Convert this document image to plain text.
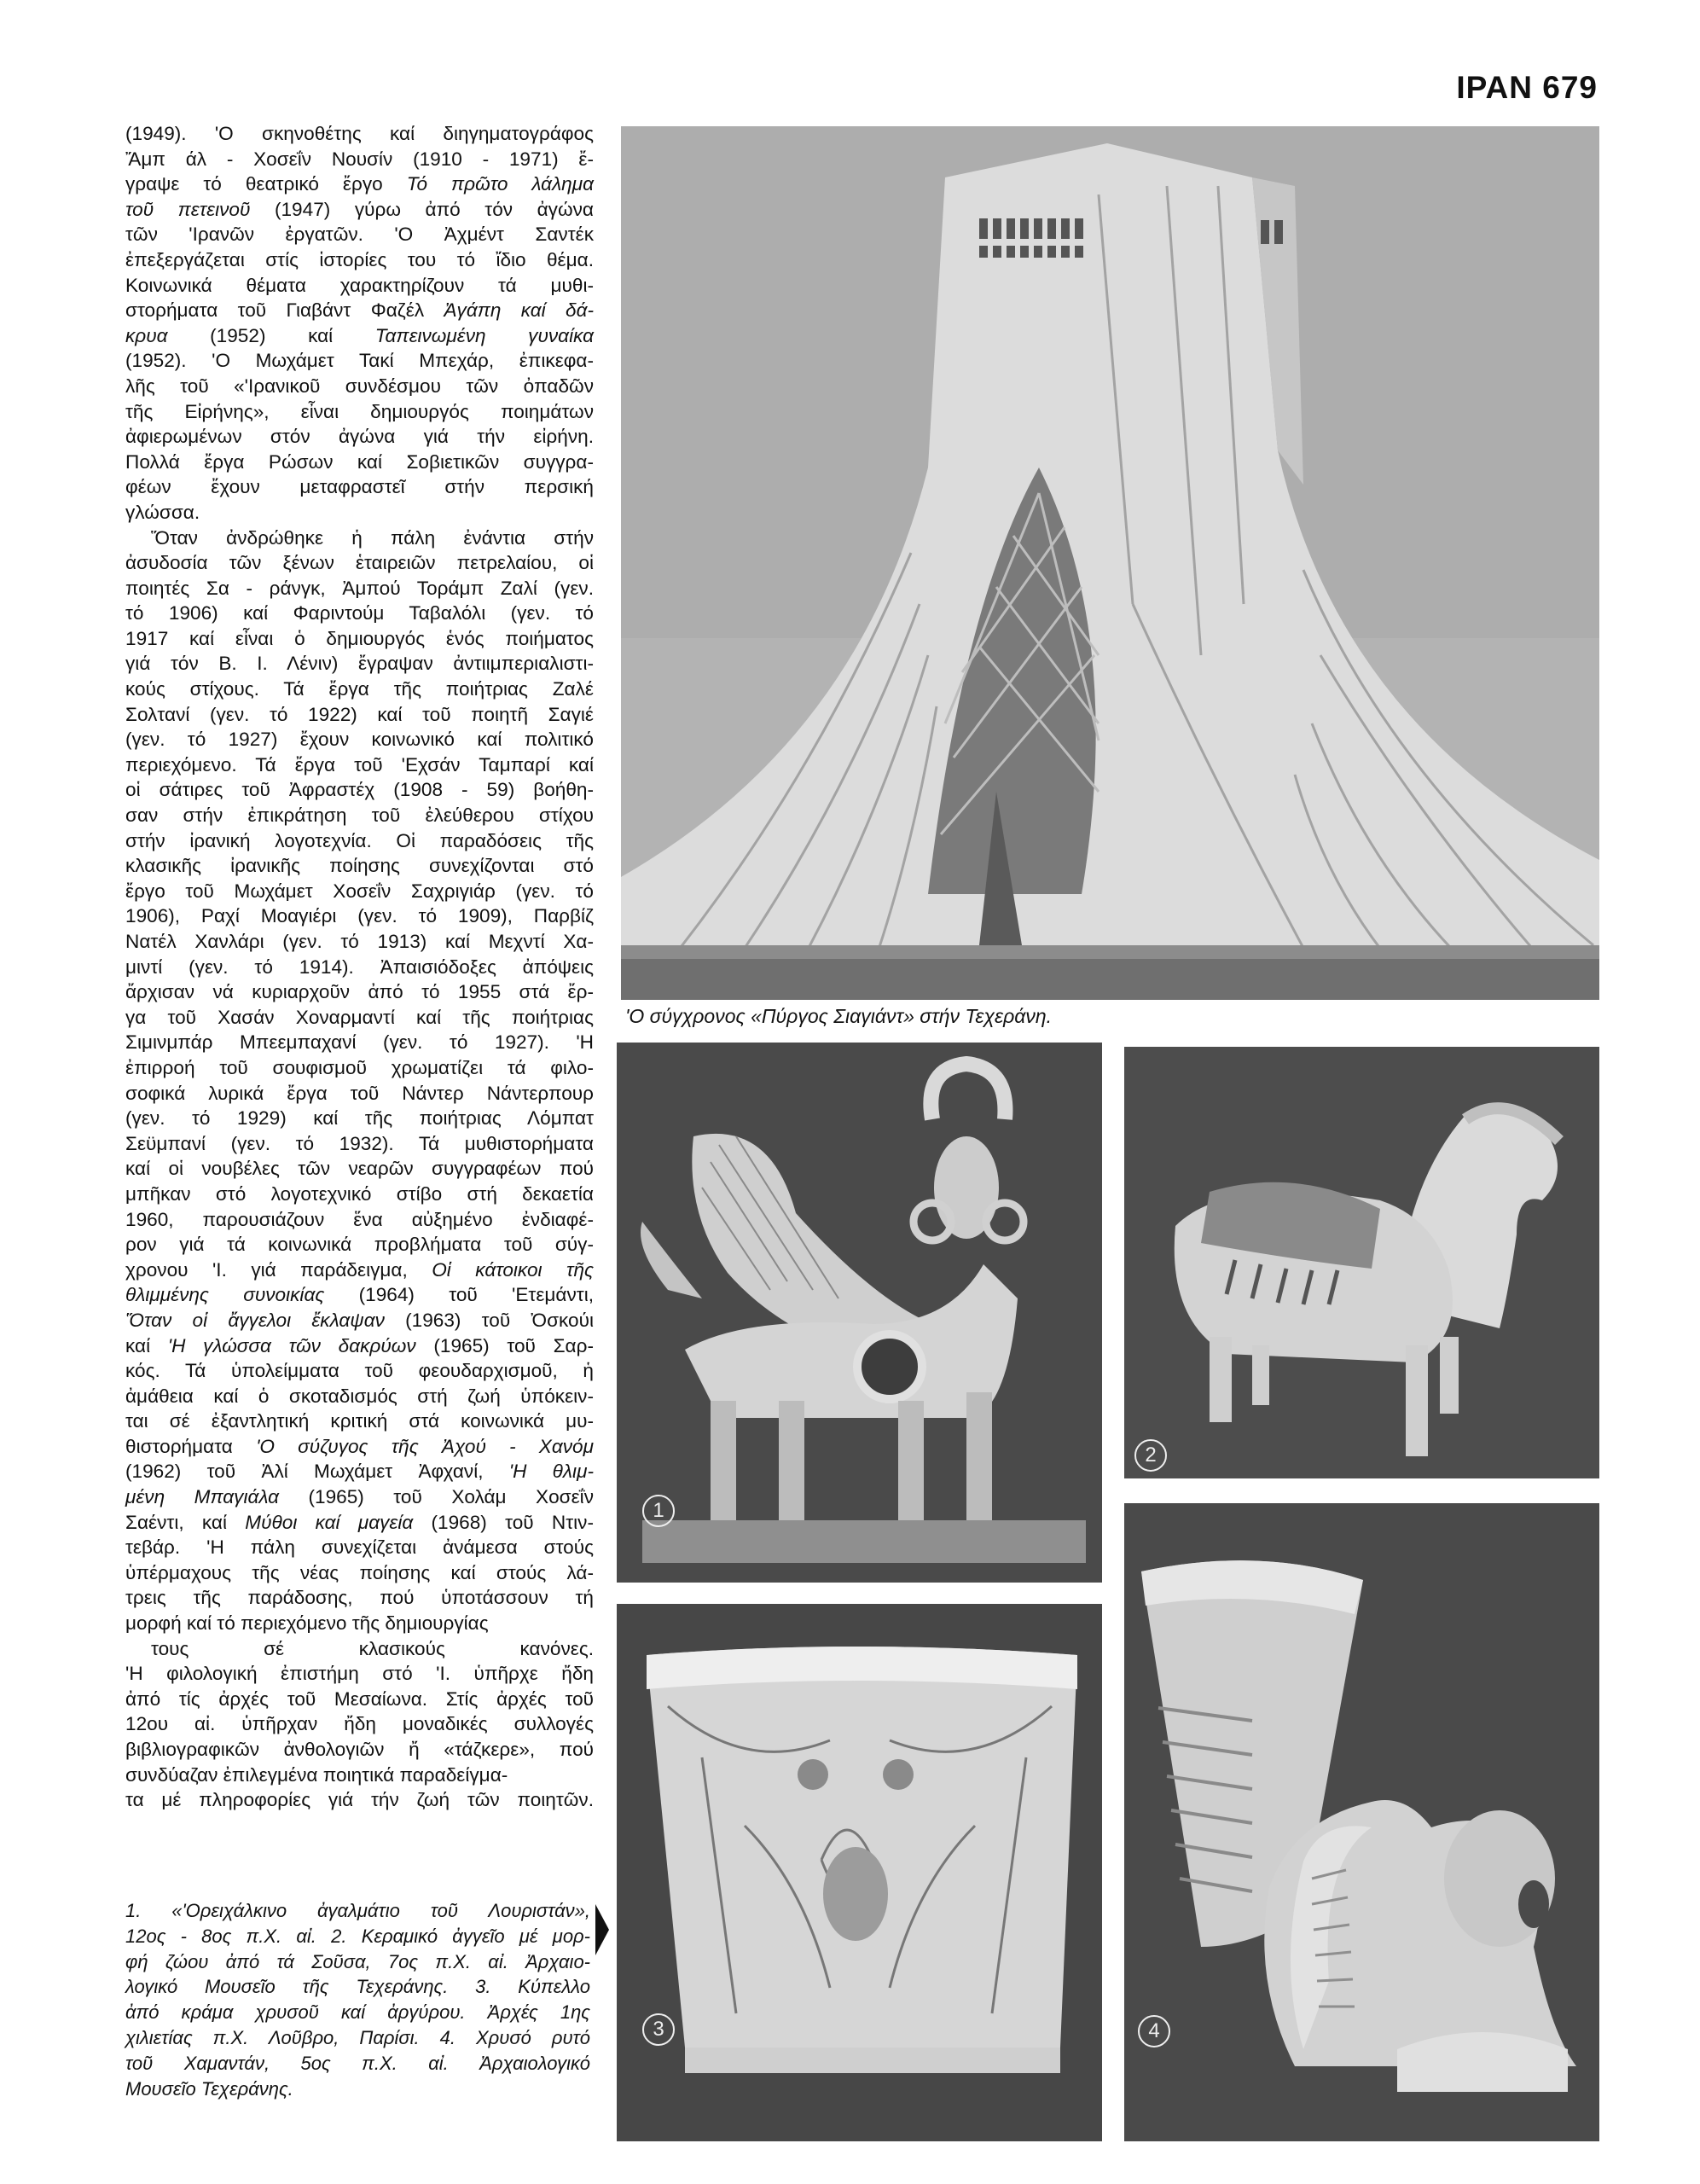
IPAN 679
(1949). 'Ο σκηνοθέτης καί διηγηματογράφος
Ἄμπ άλ - Χοσεΐν Νουσίν (1910 - 1971) ἔ-
γραψε τό θεατρικό ἔργο Τό πρῶτο λάλημα
τοῦ πετεινοῦ (1947) γύρω ἀπό τόν ἀγώνα
τῶν 'Ιρανῶν ἐργατῶν. 'Ο Ἀχμέντ Σαντέκ
ἐπεξεργάζεται στίς ἱστορίες του τό ἴδιο θέμα.
Κοινωνικά θέματα χαρακτηρίζουν τά μυθι-
στορήματα τοῦ Γιαβάντ Φαζέλ Ἀγάπη καί δά-
κρυα (1952) καί Ταπεινωμένη γυναίκα
(1952). 'Ο Μωχάμετ Τακί Μπεχάρ, ἐπικεφα-
λῆς τοῦ «'Ιρανικοῦ συνδέσμου τῶν ὀπαδῶν
τῆς Εἰρήνης», εἶναι δημιουργός ποιημάτων
ἀφιερωμένων στόν ἀγώνα γιά τήν εἰρήνη.
Πολλά ἔργα Ρώσων καί Σοβιετικῶν συγγρα-
φέων ἔχουν μεταφραστεῖ στήν περσική
γλώσσα.
Ὅταν ἀνδρώθηκε ἡ πάλη ἐνάντια στήν
ἀσυδοσία τῶν ξένων ἑταιρειῶν πετρελαίου, οἱ
ποιητές Σα - ράνγκ, Ἀμπού Τοράμπ Ζαλί (γεν.
τό 1906) καί Φαριντούμ Ταβαλόλι (γεν. τό
1917 καί εἶναι ὁ δημιουργός ἑνός ποιήματος
γιά τόν Β. Ι. Λένιν) ἔγραψαν ἀντιιμπεριαλιστι-
κούς στίχους. Τά ἔργα τῆς ποιήτριας Ζαλέ
Σολτανί (γεν. τό 1922) καί τοῦ ποιητῆ Σαγιέ
(γεν. τό 1927) ἔχουν κοινωνικό καί πολιτικό
περιεχόμενο. Τά ἔργα τοῦ 'Εχσάν Ταμπαρί καί
οἱ σάτιρες τοῦ Ἀφραστέχ (1908 - 59) βοήθη-
σαν στήν ἐπικράτηση τοῦ ἐλεύθερου στίχου
στήν ἰρανική λογοτεχνία. Οἱ παραδόσεις τῆς
κλασικῆς ἰρανικῆς ποίησης συνεχίζονται στό
ἔργο τοῦ Μωχάμετ Χοσεΐν Σαχριγιάρ (γεν. τό
1906), Ραχί Μοαγιέρι (γεν. τό 1909), Παρβίζ
Νατέλ Χανλάρι (γεν. τό 1913) καί Μεχντί Χα-
μιντί (γεν. τό 1914). Ἀπαισιόδοξες ἀπόψεις
ἄρχισαν νά κυριαρχοῦν ἀπό τό 1955 στά ἔρ-
γα τοῦ Χασάν Χοναρμαντί καί τῆς ποιήτριας
Σιμινμπάρ Μπεεμπαχανί (γεν. τό 1927). 'Η
ἐπιρροή τοῦ σουφισμοῦ χρωματίζει τά φιλο-
σοφικά λυρικά ἔργα τοῦ Νάντερ Νάντερπουρ
(γεν. τό 1929) καί τῆς ποιήτριας Λόμπατ
Σεϋμπανί (γεν. τό 1932). Τά μυθιστορήματα
καί οἱ νουβέλες τῶν νεαρῶν συγγραφέων πού
μπῆκαν στό λογοτεχνικό στίβο στή δεκαετία
1960, παρουσιάζουν ἕνα αὐξημένο ἐνδιαφέ-
ρον γιά τά κοινωνικά προβλήματα τοῦ σύγ-
χρονου 'Ι. γιά παράδειγμα, Οἱ κάτοικοι τῆς
θλιμμένης συνοικίας (1964) τοῦ 'Ετεμάντι,
Ὅταν οἱ ἄγγελοι ἔκλαψαν (1963) τοῦ Ὀσκούι
καί 'Η γλώσσα τῶν δακρύων (1965) τοῦ Σαρ-
κός. Τά ὑπολείμματα τοῦ φεουδαρχισμοῦ, ἡ
ἀμάθεια καί ὁ σκοταδισμός στή ζωή ὑπόκειν-
ται σέ ἐξαντλητική κριτική στά κοινωνικά μυ-
θιστορήματα 'Ο σύζυγος τῆς Ἀχού - Χανόμ
(1962) τοῦ Ἀλί Μωχάμετ Ἀφχανί, 'Η θλιμ-
μένη Μπαγιάλα (1965) τοῦ Χολάμ Χοσεΐν
Σαέντι, καί Μύθοι καί μαγεία (1968) τοῦ Ντιν-
τεβάρ. 'Η πάλη συνεχίζεται ἀνάμεσα στούς
ὑπέρμαχους τῆς νέας ποίησης καί στούς λά-
τρεις τῆς παράδοσης, πού ὑποτάσσουν τή
μορφή καί τό περιεχόμενο τῆς δημιουργίας
τους σέ κλασικούς κανόνες.
'Η φιλολογική ἐπιστήμη στό 'Ι. ὑπῆρχε ἤδη
ἀπό τίς ἀρχές τοῦ Μεσαίωνα. Στίς ἀρχές τοῦ
12ου αἰ. ὑπῆρχαν ἤδη μοναδικές συλλογές
βιβλιογραφικῶν ἀνθολογιῶν ἤ «τάζκερε», πού
συνδύαζαν ἐπιλεγμένα ποιητικά παραδείγμα-
τα μέ πληροφορίες γιά τήν ζωή τῶν ποιητῶν.
1. «'Ορειχάλκινο ἀγαλμάτιο τοῦ Λουριστάν»,
12ος - 8ος π.Χ. αἰ. 2. Κεραμικό ἀγγεῖο μέ μορ-
φή ζώου ἀπό τά Σοῦσα, 7ος π.Χ. αἰ. Ἀρχαιο-
λογικό Μουσεῖο τῆς Τεχεράνης. 3. Κύπελλο
ἀπό κράμα χρυσοῦ καί ἀργύρου. Ἀρχές 1ης
χιλιετίας π.Χ. Λοῦβρο, Παρίσι. 4. Χρυσό ρυτό
τοῦ Χαμαντάν, 5ος π.Χ. αἰ. Ἀρχαιολογικό
Μουσεῖο Τεχεράνης.
'Ο σύγχρονος «Πύργος Σιαγιάντ» στήν Τεχεράνη.
1
2
3	4
